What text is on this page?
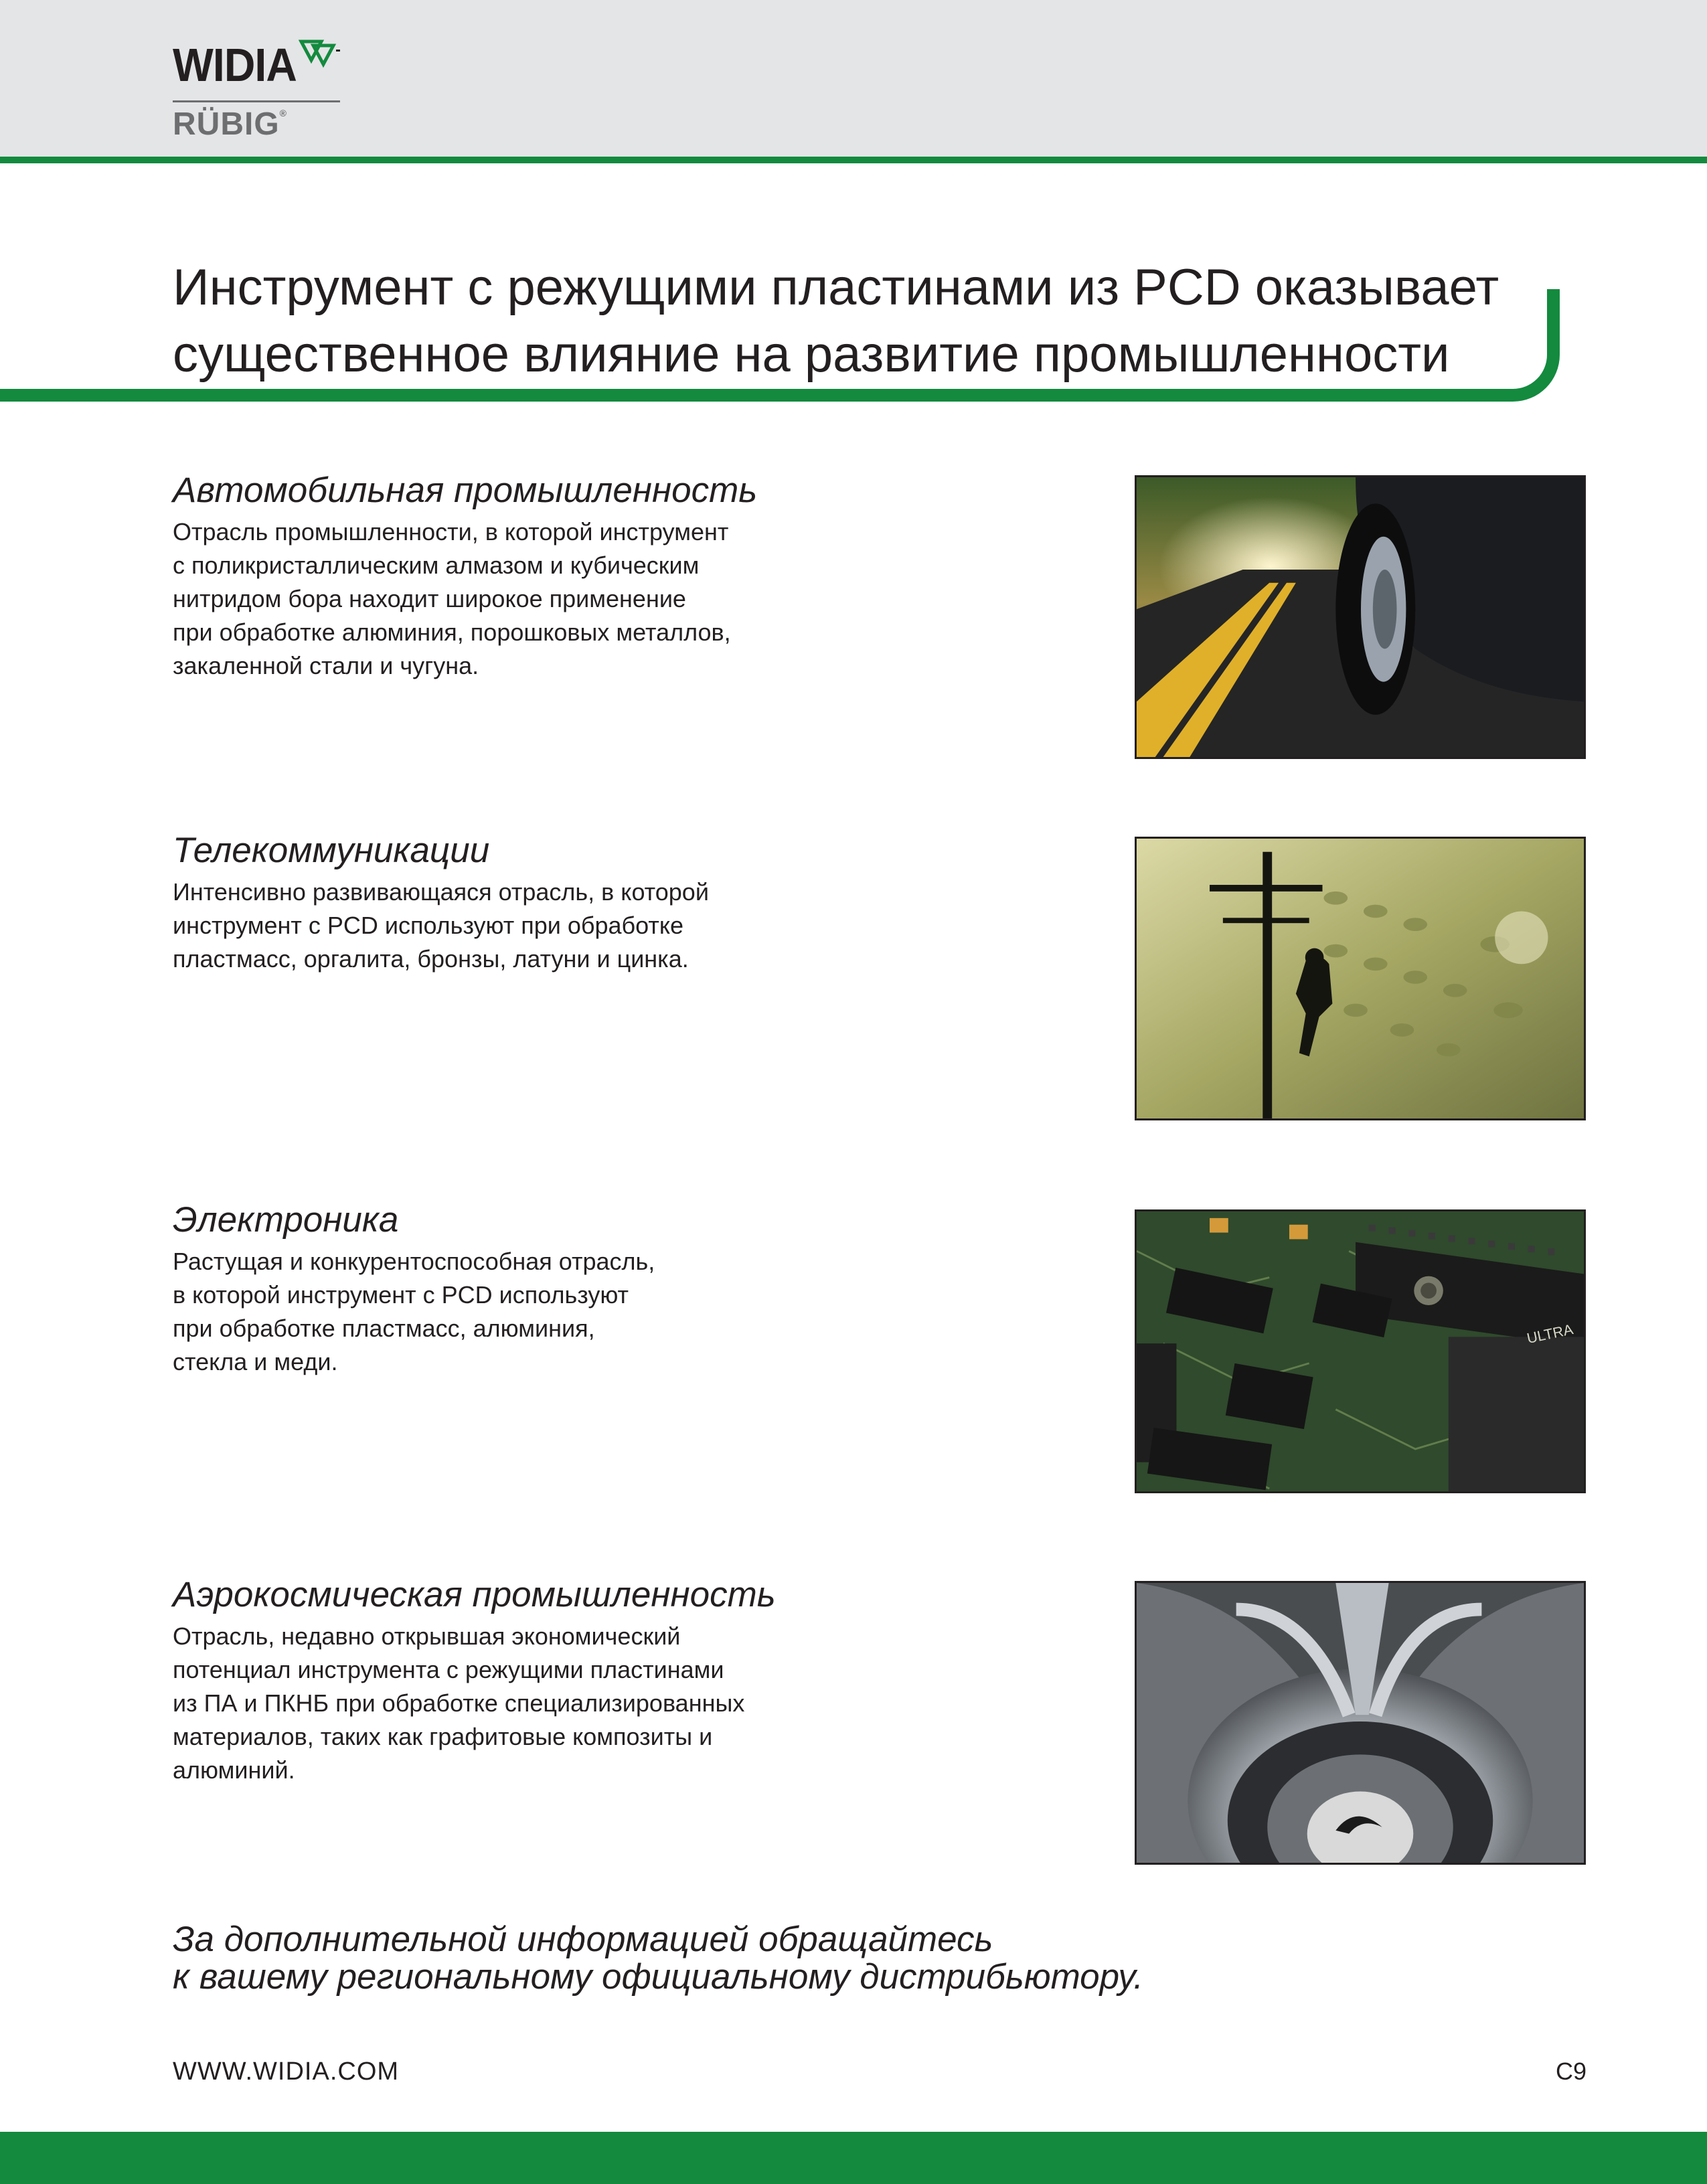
WIDIA
RÜBIG®
Инструмент с режущими пластинами из PCD оказывает
существенное влияние на развитие промышленности
Автомобильная промышленность

Отрасль промышленности, в которой инструмент
с поликристаллическим алмазом и кубическим
нитридом бора находит широкое применение
при обработке алюминия, порошковых металлов,
закаленной стали и чугуна.

Телекоммуникации

Интенсивно развивающаяся отрасль, в которой
инструмент с PCD используют при обработке
пластмасс, оргалита, бронзы, латуни и цинка.

Электроника

Растущая и конкурентоспособная отрасль,
в которой инструмент с PCD используют
при обработке пластмасс, алюминия,
стекла и меди.

ULTRA
Аэрокосмическая промышленность

Отрасль, недавно открывшая экономический
потенциал инструмента с режущими пластинами
из ПА и ПКНБ при обработке специализированных
материалов, таких как графитовые композиты и
алюминий.

За дополнительной информацией обращайтесь
к вашему региональному официальному дистрибьютору.

WWW.WIDIA.COM	C9
